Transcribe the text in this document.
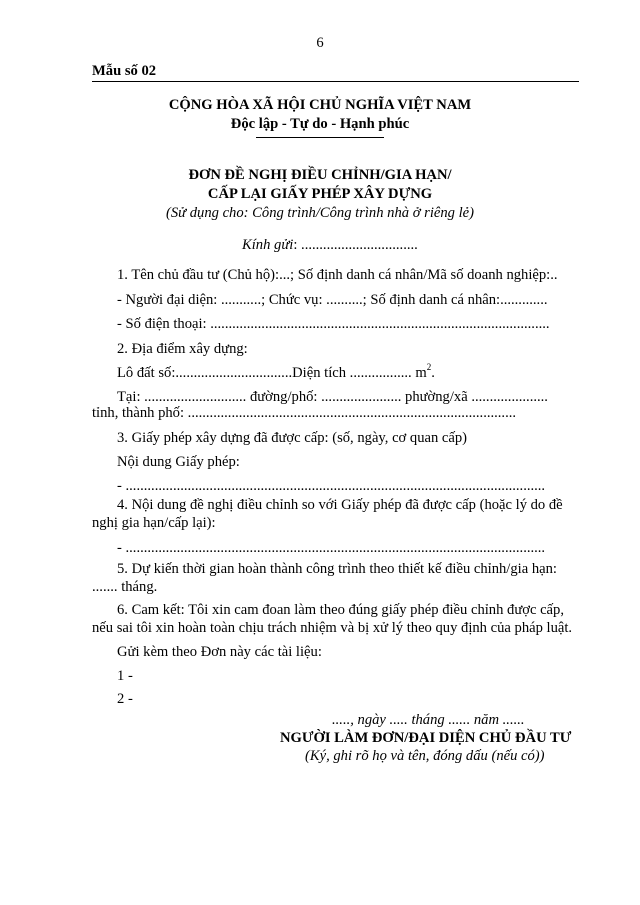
6
Mẫu số 02
CỘNG HÒA XÃ HỘI CHỦ NGHĨA VIỆT NAM
Độc lập - Tự do - Hạnh phúc
ĐƠN ĐỀ NGHỊ ĐIỀU CHỈNH/GIA HẠN/
CẤP LẠI GIẤY PHÉP XÂY DỰNG
(Sử dụng cho: Công trình/Công trình nhà ở riêng lẻ)
Kính gửi: ................................
1. Tên chủ đầu tư (Chủ hộ):...; Số định danh cá nhân/Mã số doanh nghiệp:..
- Người đại diện: ...........; Chức vụ: ..........; Số định danh cá nhân:.............
- Số điện thoại: .............................................................................................
2. Địa điểm xây dựng:
Lô đất số:................................Diện tích ................. $m^2$.
Tại: ............................ đường/phố: ...................... phường/xã .....................
tỉnh, thành phố: ..........................................................................................
3. Giấy phép xây dựng đã được cấp: (số, ngày, cơ quan cấp)
Nội dung Giấy phép:
- ...................................................................................................................
4. Nội dung đề nghị điều chỉnh so với Giấy phép đã được cấp (hoặc lý do đề
nghị gia hạn/cấp lại):
- ...................................................................................................................
5. Dự kiến thời gian hoàn thành công trình theo thiết kế điều chỉnh/gia hạn:
....... tháng.
6. Cam kết: Tôi xin cam đoan làm theo đúng giấy phép điều chỉnh được cấp,
nếu sai tôi xin hoàn toàn chịu trách nhiệm và bị xử lý theo quy định của pháp luật.
Gửi kèm theo Đơn này các tài liệu:
1 -
2 -
....., ngày ..... tháng ...... năm ......
NGƯỜI LÀM ĐƠN/ĐẠI DIỆN CHỦ ĐẦU TƯ
(Ký, ghi rõ họ và tên, đóng dấu (nếu có))
